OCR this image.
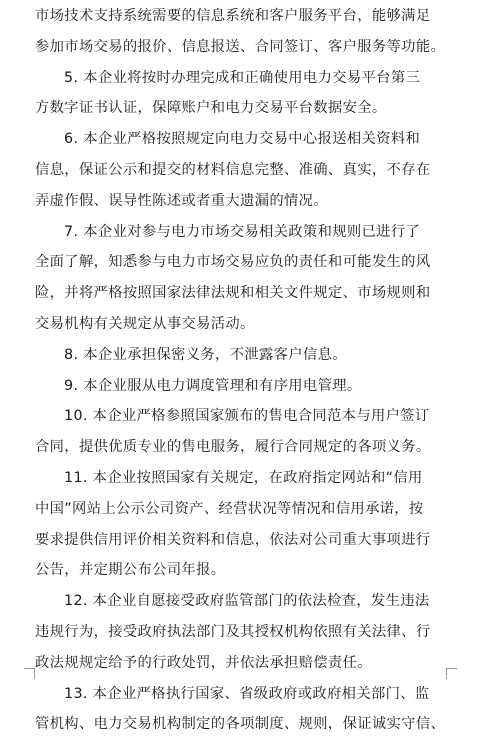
市场技术支持系统需要的信息系统和客户服务平台，能够满足
参加市场交易的报价、信息报送、合同签订、客户服务等功能。
5. 本企业将按时办理完成和正确使用电力交易平台第三
方数字证书认证，保障账户和电力交易平台数据安全。
6. 本企业严格按照规定向电力交易中心报送相关资料和
信息，保证公示和提交的材料信息完整、准确、真实，不存在
弄虚作假、误导性陈述或者重大遗漏的情况。
7. 本企业对参与电力市场交易相关政策和规则已进行了
全面了解，知悉参与电力市场交易应负的责任和可能发生的风
险，并将严格按照国家法律法规和相关文件规定、市场规则和
交易机构有关规定从事交易活动。
8. 本企业承担保密义务，不泄露客户信息。
9. 本企业服从电力调度管理和有序用电管理。
10. 本企业严格参照国家颁布的售电合同范本与用户签订
合同，提供优质专业的售电服务，履行合同规定的各项义务。
11. 本企业按照国家有关规定，在政府指定网站和“信用
中国”网站上公示公司资产、经营状况等情况和信用承诺，按
要求提供信用评价相关资料和信息，依法对公司重大事项进行
公告，并定期公布公司年报。
12. 本企业自愿接受政府监管部门的依法检查，发生违法
违规行为，接受政府执法部门及其授权机构依照有关法律、行
政法规规定给予的行政处罚，并依法承担赔偿责任。
13. 本企业严格执行国家、省级政府或政府相关部门、监
管机构、电力交易机构制定的各项制度、规则，保证诚实守信、
